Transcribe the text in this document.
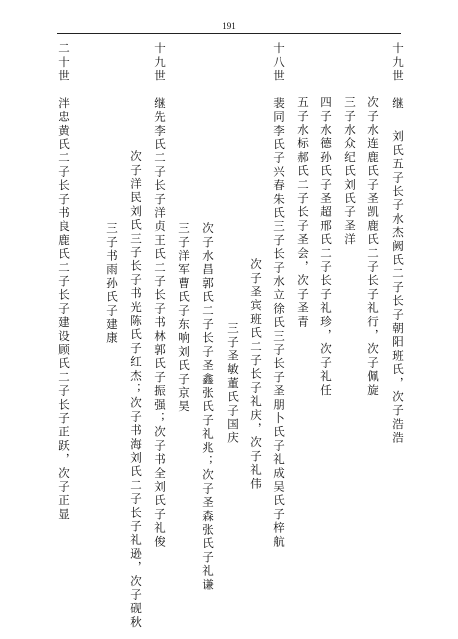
191
十九世　继　 刘氏五子长子水杰阙氏二子长子朝阳班氏，次子浩浩
次子水连鹿氏子圣凯鹿氏二子长子礼行，次子佩旋
三子水众纪氏刘氏子圣洋
四子水德孙氏子圣超邢氏二子长子礼珍，次子礼任
五子水标郝氏二子长子圣会，次子圣青
十八世　裴同李氏子兴春朱氏三子长子水立徐氏三子长子圣朋卜氏子礼成吴氏子梓航
次子圣宾班氏二子长子礼庆，次子礼伟
三子圣敏董氏子国庆
次子水昌郭氏二子长子圣鑫张氏子礼兆；次子圣森张氏子礼谦
三子洋军曹氏子东响刘氏子京昊
十九世　继先李氏二子长子洋贞王氏二子长子书林郭氏子振强；次子书全刘氏子礼俊
次子洋民刘氏三子长子书光陈氏子红杰；次子书海刘氏二子长子礼逊，次子砚秋
三子书雨孙氏子建康
二十世　泮忠黄氏二子长子书良鹿氏二子长子建设顾氏二子长子正跃，次子正显
